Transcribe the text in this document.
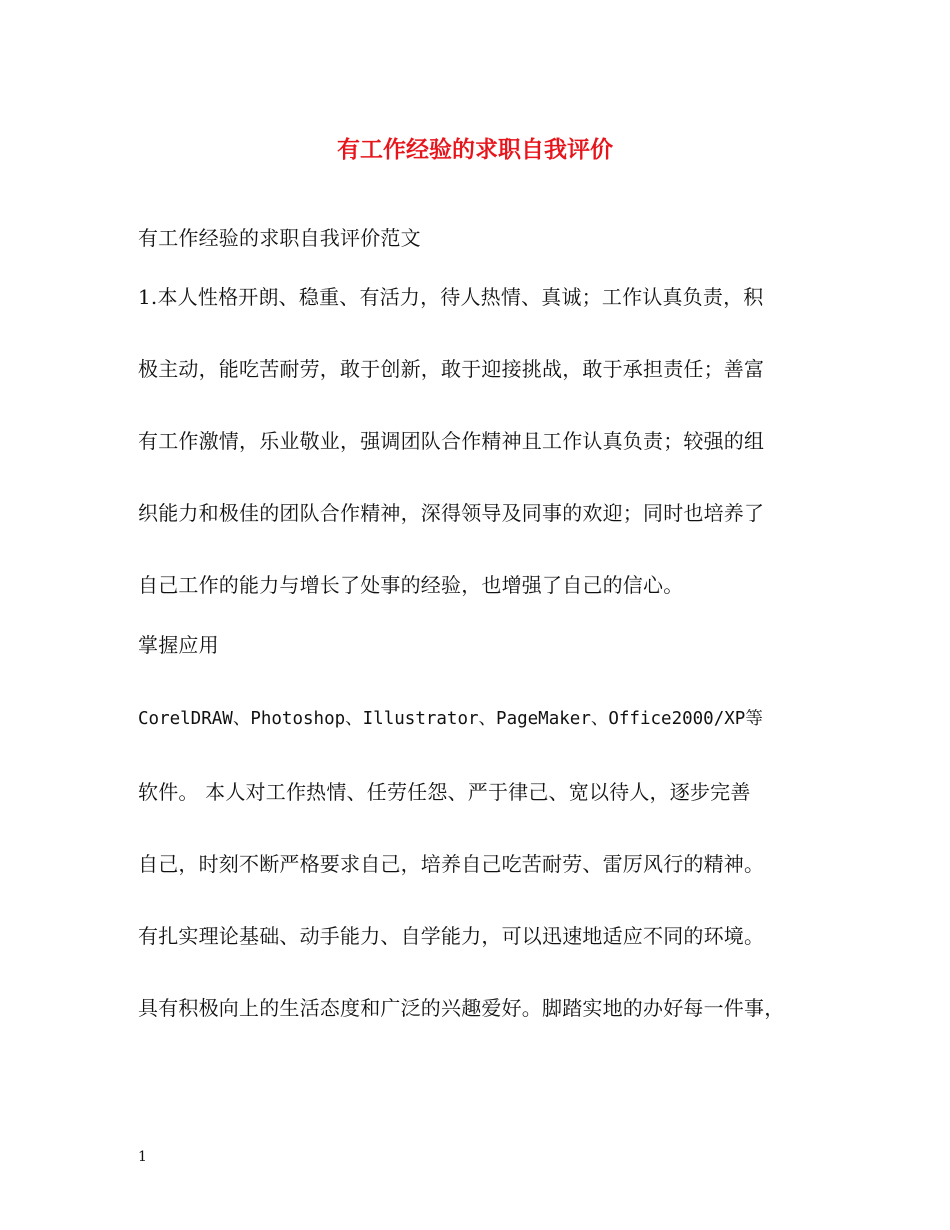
有工作经验的求职自我评价
有工作经验的求职自我评价范文
1.本人性格开朗、稳重、有活力，待人热情、真诚；工作认真负责，积
极主动，能吃苦耐劳，敢于创新，敢于迎接挑战，敢于承担责任；善富
有工作激情，乐业敬业，强调团队合作精神且工作认真负责；较强的组
织能力和极佳的团队合作精神，深得领导及同事的欢迎；同时也培养了
自己工作的能力与增长了处事的经验，也增强了自己的信心。
掌握应用
CorelDRAW、Photoshop、Illustrator、PageMaker、Office2000/XP等
软件。 本人对工作热情、任劳任怨、严于律己、宽以待人，逐步完善
自己，时刻不断严格要求自己，培养自己吃苦耐劳、雷厉风行的精神。
有扎实理论基础、动手能力、自学能力，可以迅速地适应不同的环境。
具有积极向上的生活态度和广泛的兴趣爱好。脚踏实地的办好每一件事，
1
